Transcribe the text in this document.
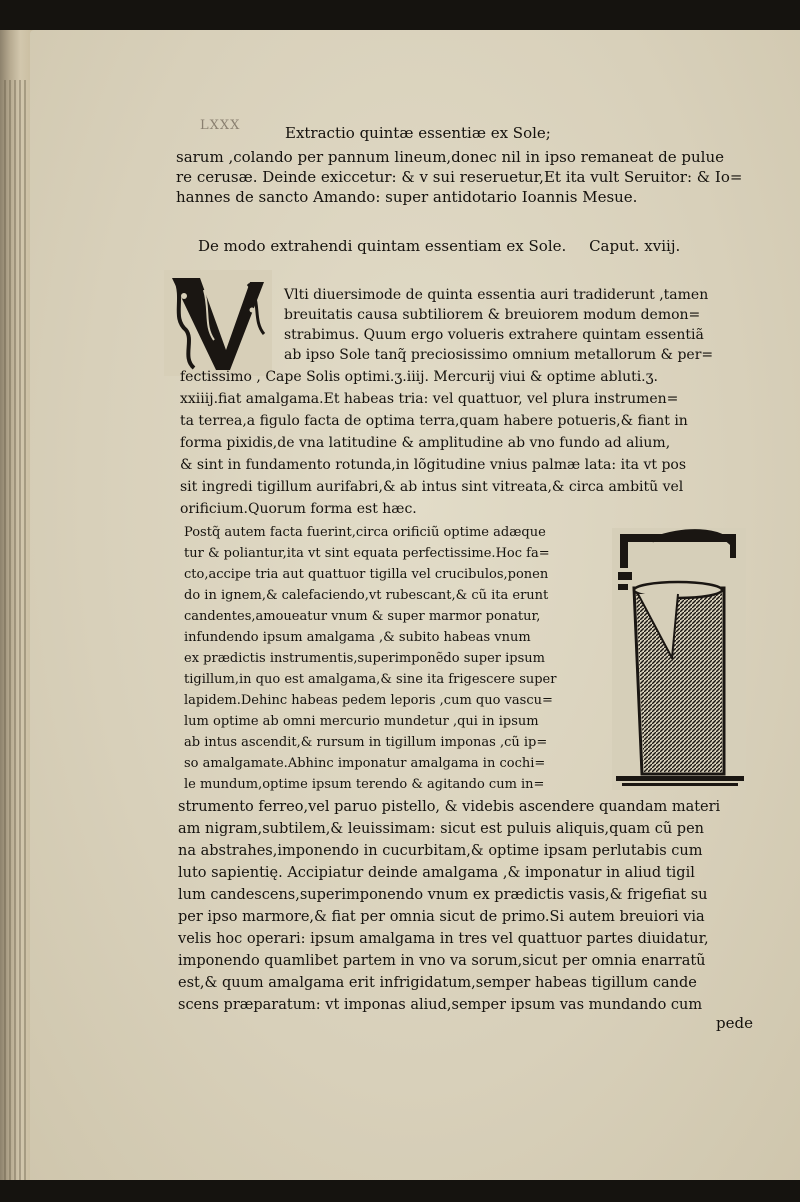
LXXX	Extractio quintæ essentiæ ex Sole;
sarum ,colando per pannum lineum,donec nil in ipso remaneat de pulue
re cerusæ. Deinde exiccetur: & v sui reseruetur,Et ita vult Seruitor: & Io=
hannes de sancto Amando: super antidotario Ioannis Mesue.
De modo extrahendi quintam essentiam ex Sole. Caput. xviij.
Vlti diuersimode de quinta essentia auri tradiderunt ,tamen
breuitatis causa subtiliorem & breuiorem modum demon=
strabimus. Quum ergo volueris extrahere quintam essentiã
ab ipso Sole tanq̃ preciosissimo omnium metallorum & per=
fectissimo , Cape Solis optimi.ʒ.iiij. Mercurij viui & optime abluti.ʒ.
xxiiij.fiat amalgama.Et habeas tria: vel quattuor, vel plura instrumen=
ta terrea,a figulo facta de optima terra,quam habere potueris,& fiant in
forma pixidis,de vna latitudine & amplitudine ab vno fundo ad alium,
& sint in fundamento rotunda,in lõgitudine vnius palmæ lata: ita vt pos
sit ingredi tigillum aurifabri,& ab intus sint vitreata,& circa ambitũ vel
orificium.Quorum forma est hæc.
Postq̃ autem facta fuerint,circa orificiũ optime adæque
tur & poliantur,ita vt sint equata perfectissime.Hoc fa=
cto,accipe tria aut quattuor tigilla vel crucibulos,ponen
do in ignem,& calefaciendo,vt rubescant,& cũ ita erunt
candentes,amoueatur vnum & super marmor ponatur,
infundendo ipsum amalgama ,& subito habeas vnum
ex prædictis instrumentis,superimponẽdo super ipsum
tigillum,in quo est amalgama,& sine ita frigescere super
lapidem.Dehinc habeas pedem leporis ,cum quo vascu=
lum optime ab omni mercurio mundetur ,qui in ipsum
ab intus ascendit,& rursum in tigillum imponas ,cũ ip=
so amalgamate.Abhinc imponatur amalgama in cochi=
le mundum,optime ipsum terendo & agitando cum in=
strumento ferreo,vel paruo pistello, & videbis ascendere quandam materi
am nigram,subtilem,& leuissimam: sicut est puluis aliquis,quam cũ pen
na abstrahes,imponendo in cucurbitam,& optime ipsam perlutabis cum
luto sapientię. Accipiatur deinde amalgama ,& imponatur in aliud tigil
lum candescens,superimponendo vnum ex prædictis vasis,& frigefiat su
per ipso marmore,& fiat per omnia sicut de primo.Si autem breuiori via
velis hoc operari: ipsum amalgama in tres vel quattuor partes diuidatur,
imponendo quamlibet partem in vno va sorum,sicut per omnia enarratũ
est,& quum amalgama erit infrigidatum,semper habeas tigillum cande
scens præparatum: vt imponas aliud,semper ipsum vas mundando cum
pede
